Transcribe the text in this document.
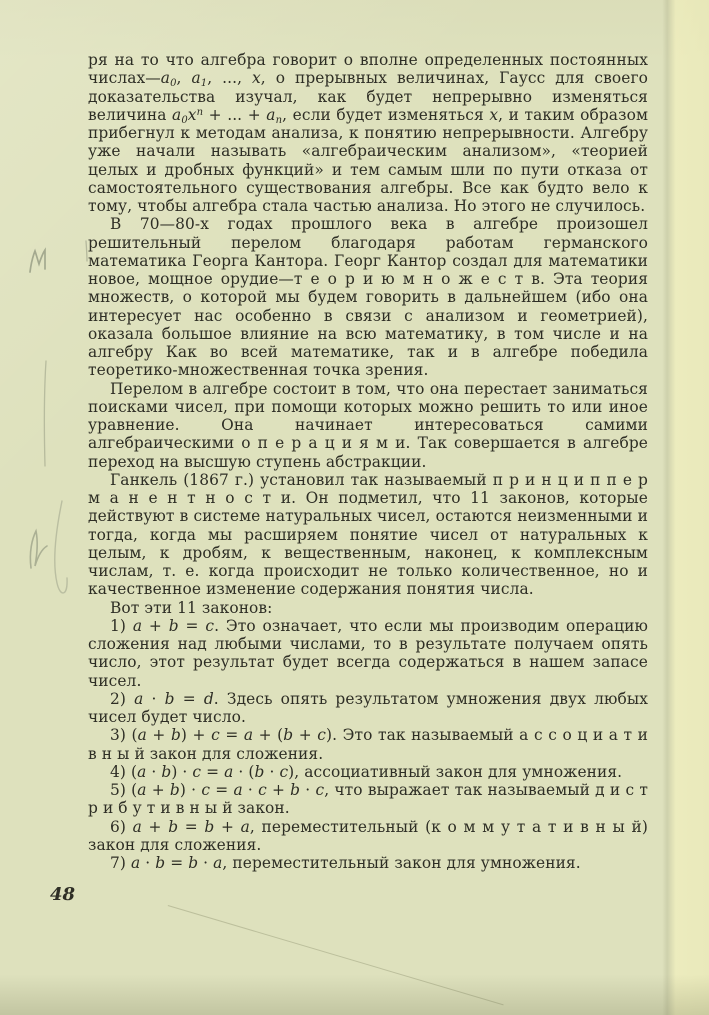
ря на то что алгебра говорит о вполне определенных постоянных $числах—a_0$, $a_1$, ..., x, о прерывных величинах, Гаусс для своего доказательства изучал, как будет непрерывно изменяться величина $a_0x^n$ + ... + $a_n$, если будет изменяться x, и таким образом прибегнул к методам анализа, к понятию непрерывности. Алгебру уже начали называть «алгебраическим анализом», «теорией целых и дробных функций» и тем самым шли по пути отказа от самостоятельного существования алгебры. Все как будто вело к тому, чтобы алгебра стала частью анализа. Но этого не случилось.

В 70—80-х годах прошлого века в алгебре произошел решительный перелом благодаря работам германского математика Георга Кантора. Георг Кантор создал для математики новое, мощное орудие—т е о р и ю м н о ж е с т в. Эта теория множеств, о которой мы будем говорить в дальнейшем (ибо она интересует нас особенно в связи с анализом и геометрией), оказала большое влияние на всю математику, в том числе и на алгебру Как во всей математике, так и в алгебре победила теоретико-множественная точка зрения.

Перелом в алгебре состоит в том, что она перестает заниматься поисками чисел, при помощи которых можно решить то или иное уравнение. Она начинает интересоваться самими алгебраическими о п е р а ц и я м и. Так совершается в алгебре переход на высшую ступень абстракции.

Ганкель (1867 г.) установил так называемый п р и н ц и п п е р м а н е н т н о с т и. Он подметил, что 11 законов, которые действуют в системе натуральных чисел, остаются неизменными и тогда, когда мы расширяем понятие чисел от натуральных к целым, к дробям, к вещественным, наконец, к комплексным числам, т. е. когда происходит не только количественное, но и качественное изменение содержания понятия числа.

Вот эти 11 законов:

1) a + b = c. Это означает, что если мы производим операцию сложения над любыми числами, то в результате получаем опять число, этот результат будет всегда содержаться в нашем запасе чисел.

2) a · b = d. Здесь опять результатом умножения двух любых чисел будет число.

3) (a + b) + c = a + (b + c). Это так называемый а с с о ц и а т и в н ы й закон для сложения.

4) (a · b) · c = a · (b · c), ассоциативный закон для умножения.

5) (a + b) · c = a · c + b · c, что выражает так называемый д и с т р и б у т и в н ы й закон.

6) a + b = b + a, переместительный (к о м м у т а т и в н ы й) закон для сложения.

7) a · b = b · a, переместительный закон для умножения.

48
